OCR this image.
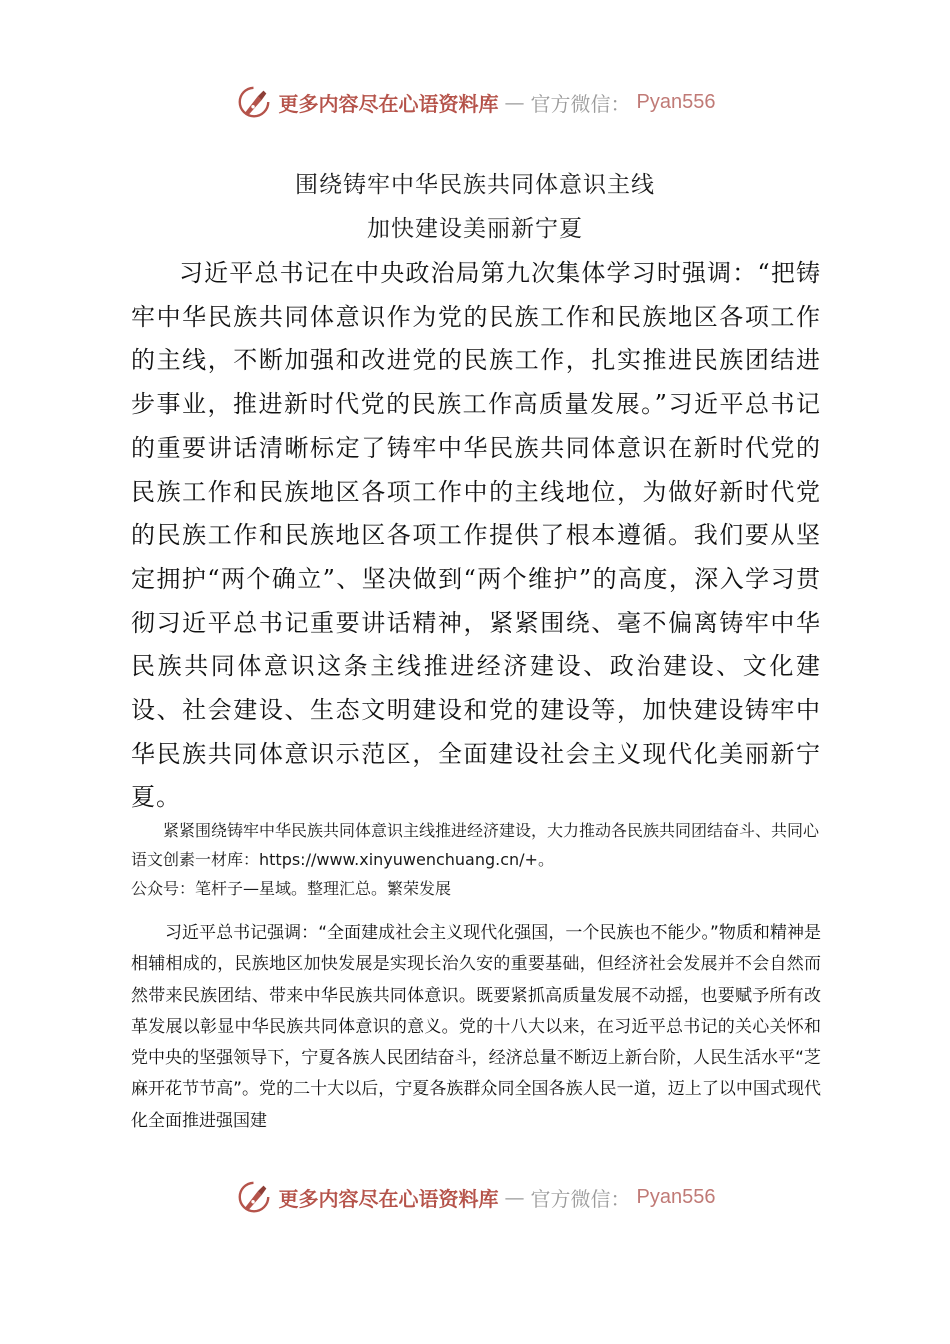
更多内容尽在心语资料库 — 官方微信： Pyan556
围绕铸牢中华民族共同体意识主线
加快建设美丽新宁夏

习近平总书记在中央政治局第九次集体学习时强调：“把铸牢中华民族共同体意识作为党的民族工作和民族地区各项工作的主线，不断加强和改进党的民族工作，扎实推进民族团结进步事业，推进新时代党的民族工作高质量发展。”习近平总书记的重要讲话清晰标定了铸牢中华民族共同体意识在新时代党的民族工作和民族地区各项工作中的主线地位，为做好新时代党的民族工作和民族地区各项工作提供了根本遵循。我们要从坚定拥护“两个确立”、坚决做到“两个维护”的高度，深入学习贯彻习近平总书记重要讲话精神，紧紧围绕、毫不偏离铸牢中华民族共同体意识这条主线推进经济建设、政治建设、文化建设、社会建设、生态文明建设和党的建设等，加快建设铸牢中华民族共同体意识示范区，全面建设社会主义现代化美丽新宁夏。

紧紧围绕铸牢中华民族共同体意识主线推进经济建设，大力推动各民族共同团结奋斗、共同心语文创素一材库：https://www.xinyuwenchuang.cn/+。

公众号：笔杆子—星域。整理汇总。繁荣发展

习近平总书记强调：“全面建成社会主义现代化强国，一个民族也不能少。”物质和精神是相辅相成的，民族地区加快发展是实现长治久安的重要基础，但经济社会发展并不会自然而然带来民族团结、带来中华民族共同体意识。既要紧抓高质量发展不动摇，也要赋予所有改革发展以彰显中华民族共同体意识的意义。党的十八大以来，在习近平总书记的关心关怀和党中央的坚强领导下，宁夏各族人民团结奋斗，经济总量不断迈上新台阶，人民生活水平“芝麻开花节节高”。党的二十大以后，宁夏各族群众同全国各族人民一道，迈上了以中国式现代化全面推进强国建

更多内容尽在心语资料库 — 官方微信： Pyan556
